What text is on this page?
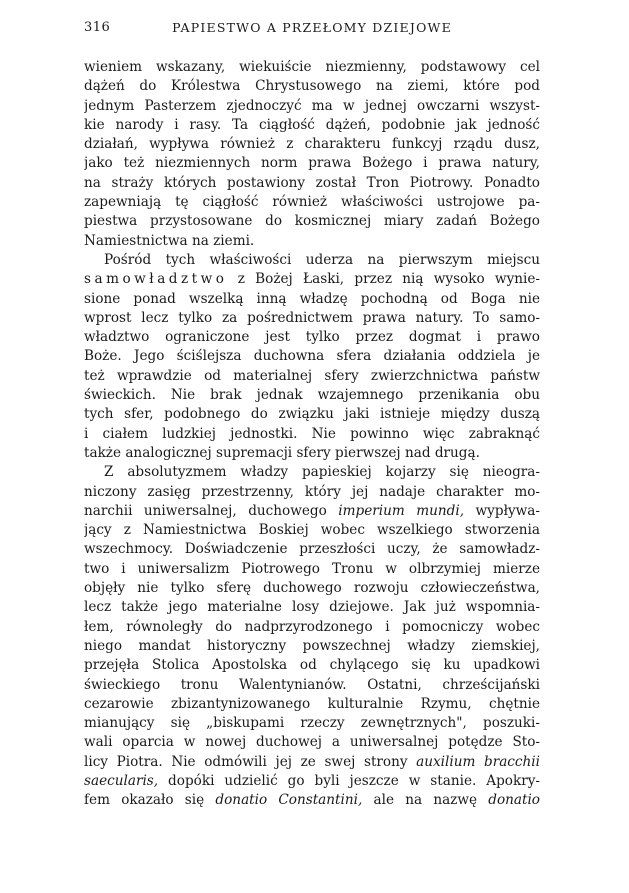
316	PAPIESTWO A PRZEŁOMY DZIEJOWE
wieniem wskazany, wiekuiście niezmienny, podstawowy cel
dążeń do Królestwa Chrystusowego na ziemi, które pod
jednym Pasterzem zjednoczyć ma w jednej owczarni wszyst-
kie narody i rasy. Ta ciągłość dążeń, podobnie jak jedność
działań, wypływa również z charakteru funkcyj rządu dusz,
jako też niezmiennych norm prawa Bożego i prawa natury,
na straży których postawiony został Tron Piotrowy. Ponadto
zapewniają tę ciągłość również właściwości ustrojowe pa-
piestwa przystosowane do kosmicznej miary zadań Bożego
Namiestnictwa na ziemi.
Pośród tych właściwości uderza na pierwszym miejscu
samowładztwo z Bożej Łaski, przez nią wysoko wynie-
sione ponad wszelką inną władzę pochodną od Boga nie
wprost lecz tylko za pośrednictwem prawa natury. To samo-
władztwo ograniczone jest tylko przez dogmat i prawo
Boże. Jego ściślejsza duchowna sfera działania oddziela je
też wprawdzie od materialnej sfery zwierzchnictwa państw
świeckich. Nie brak jednak wzajemnego przenikania obu
tych sfer, podobnego do związku jaki istnieje między duszą
i ciałem ludzkiej jednostki. Nie powinno więc zabraknąć
także analogicznej supremacji sfery pierwszej nad drugą.
Z absolutyzmem władzy papieskiej kojarzy się nieogra-
niczony zasięg przestrzenny, który jej nadaje charakter mo-
narchii uniwersalnej, duchowego imperium mundi, wypływa-
jący z Namiestnictwa Boskiej wobec wszelkiego stworzenia
wszechmocy. Doświadczenie przeszłości uczy, że samowładz-
two i uniwersalizm Piotrowego Tronu w olbrzymiej mierze
objęły nie tylko sferę duchowego rozwoju człowieczeństwa,
lecz także jego materialne losy dziejowe. Jak już wspomnia-
łem, równoległy do nadprzyrodzonego i pomocniczy wobec
niego mandat historyczny powszechnej władzy ziemskiej,
przejęła Stolica Apostolska od chylącego się ku upadkowi
świeckiego tronu Walentynianów. Ostatni, chrześcijański
cezarowie zbizantynizowanego kulturalnie Rzymu, chętnie
mianujący się „biskupami rzeczy zewnętrznych", poszuki-
wali oparcia w nowej duchowej a uniwersalnej potędze Sto-
licy Piotra. Nie odmówili jej ze swej strony auxilium bracchii
saecularis, dopóki udzielić go byli jeszcze w stanie. Apokry-
fem okazało się donatio Constantini, ale na nazwę donatio
